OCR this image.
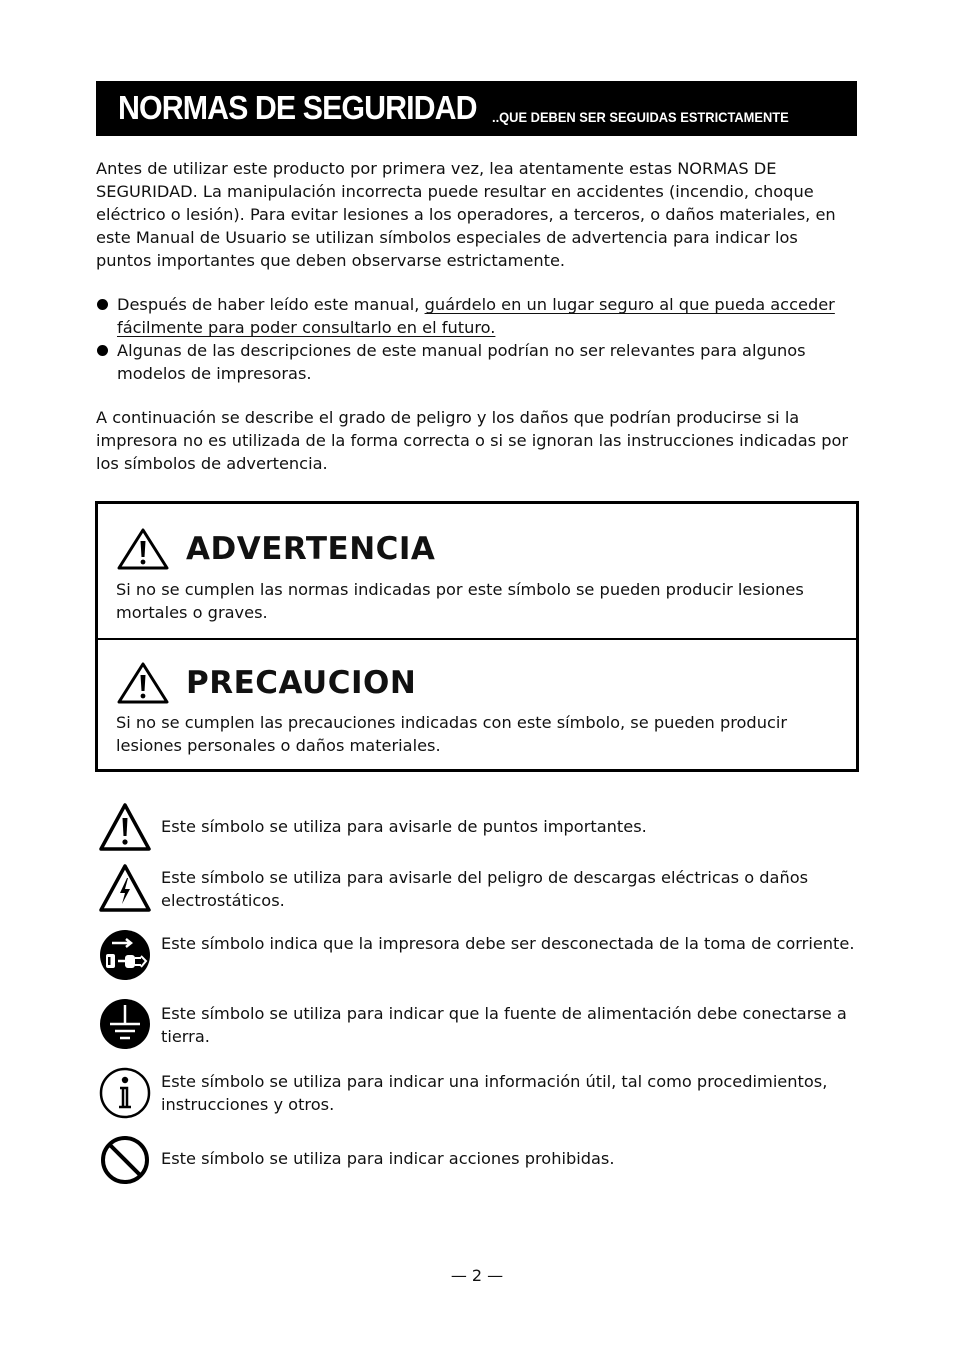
NORMAS DE SEGURIDAD ..QUE DEBEN SER SEGUIDAS ESTRICTAMENTE
Antes de utilizar este producto por primera vez, lea atentamente estas NORMAS DE SEGURIDAD. La manipulación incorrecta puede resultar en accidentes (incendio, choque eléctrico o lesión). Para evitar lesiones a los operadores, a terceros, o daños materiales, en este Manual de Usuario se utilizan símbolos especiales de advertencia para indicar los puntos importantes que deben observarse estrictamente.
Después de haber leído este manual, guárdelo en un lugar seguro al que pueda acceder fácilmente para poder consultarlo en el futuro.
Algunas de las descripciones de este manual podrían no ser relevantes para algunos modelos de impresoras.
A continuación se describe el grado de peligro y los daños que podrían producirse si la impresora no es utilizada de la forma correcta o si se ignoran las instrucciones indicadas por los símbolos de advertencia.
ADVERTENCIA
Si no se cumplen las normas indicadas por este símbolo se pueden producir lesiones mortales o graves.
PRECAUCION
Si no se cumplen las precauciones indicadas con este símbolo, se pueden producir lesiones personales o daños materiales.
Este símbolo se utiliza para avisarle de puntos importantes.
Este símbolo se utiliza para avisarle del peligro de descargas eléctricas o daños electrostáticos.
Este símbolo indica que la impresora debe ser desconectada de la toma de corriente.
Este símbolo se utiliza para indicar que la fuente de alimentación debe conectarse a tierra.
Este símbolo se utiliza para indicar una información útil, tal como procedimientos, instrucciones y otros.
Este símbolo se utiliza para indicar acciones prohibidas.
— 2 —
